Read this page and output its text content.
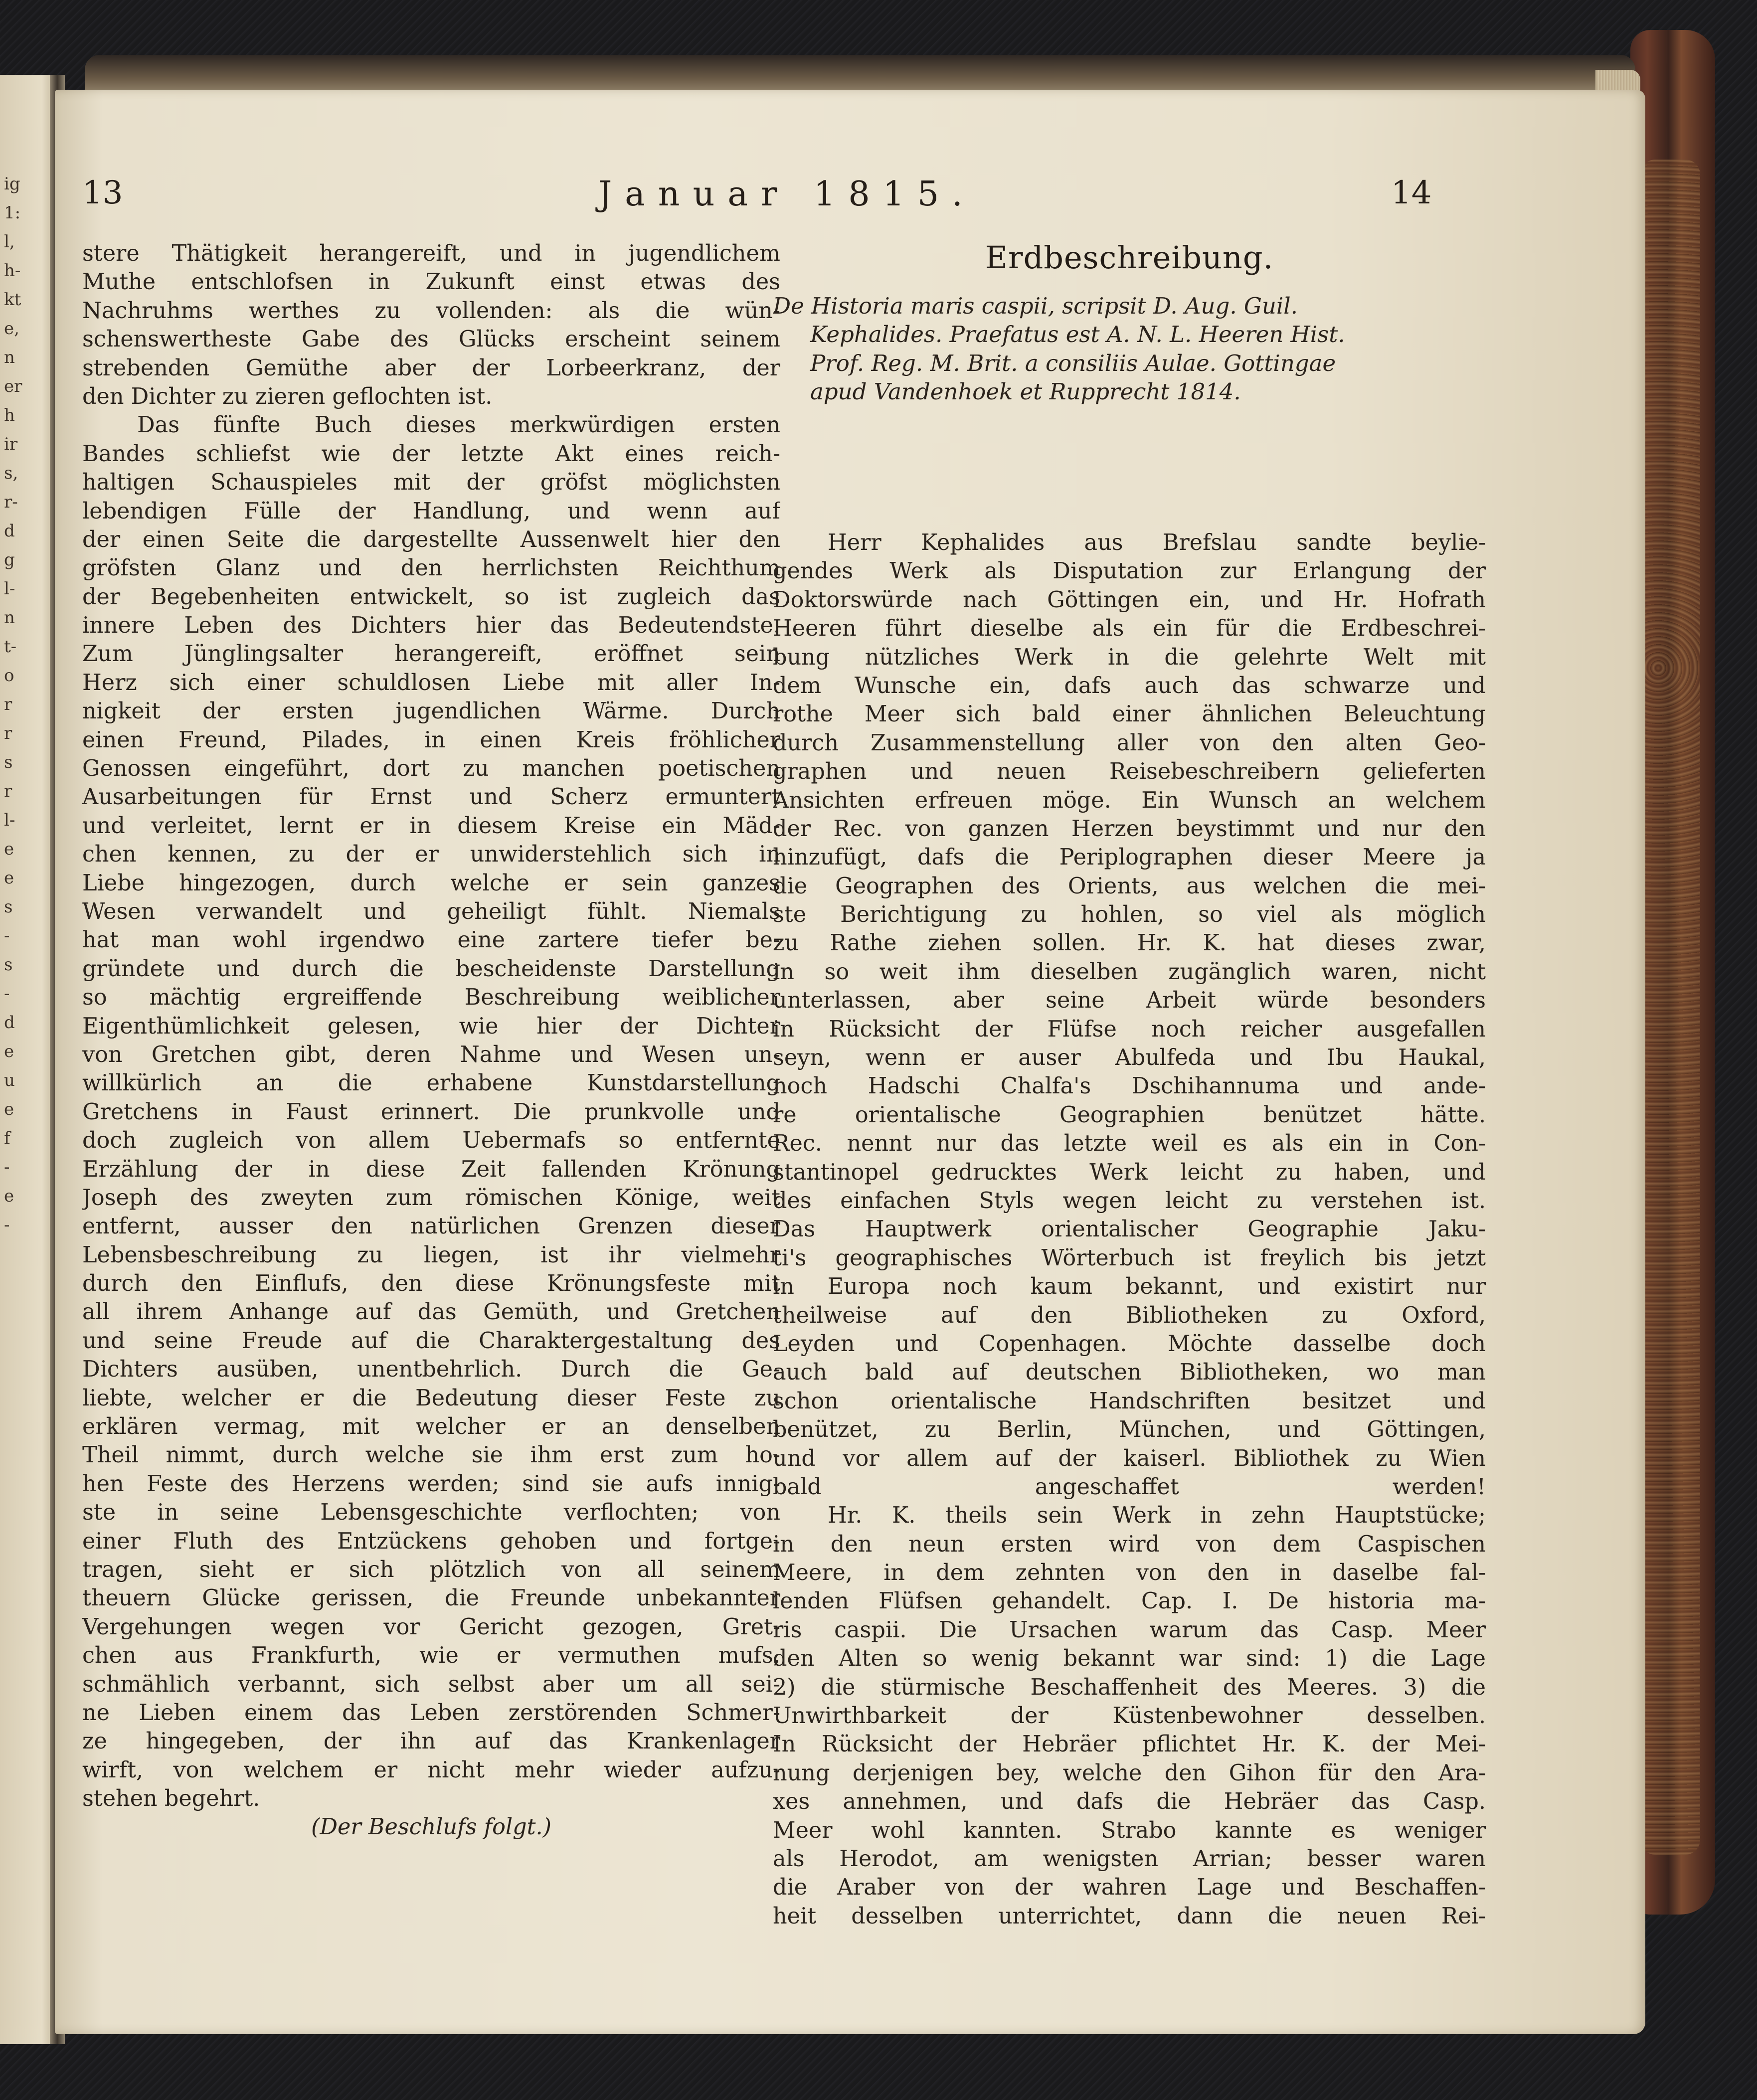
ig
1:
l,
h-
kt
e,
n
er
h
ir
s,
r-
d
g
l-
n
t-
o
r
r
s
r
l-
e
e
s
-
s
-
d
e
u
e
f
-
e
-
13	Januar 1815.	14
stere Thätigkeit herangereift, und in jugendlichem
Muthe entschlofsen in Zukunft einst etwas des
Nachruhms werthes zu vollenden: als die wün-
schenswertheste Gabe des Glücks erscheint seinem
strebenden Gemüthe aber der Lorbeerkranz, der
den Dichter zu zieren geflochten ist.
Das fünfte Buch dieses merkwürdigen ersten
Bandes schliefst wie der letzte Akt eines reich-
haltigen Schauspieles mit der gröfst möglichsten
lebendigen Fülle der Handlung, und wenn auf
der einen Seite die dargestellte Aussenwelt hier den
gröfsten Glanz und den herrlichsten Reichthum
der Begebenheiten entwickelt, so ist zugleich das
innere Leben des Dichters hier das Bedeutendste.
Zum Jünglingsalter herangereift, eröffnet sein
Herz sich einer schuldlosen Liebe mit aller In-
nigkeit der ersten jugendlichen Wärme. Durch
einen Freund, Pilades, in einen Kreis fröhlicher
Genossen eingeführt, dort zu manchen poetischen
Ausarbeitungen für Ernst und Scherz ermuntert
und verleitet, lernt er in diesem Kreise ein Mäd-
chen kennen, zu der er unwiderstehlich sich in
Liebe hingezogen, durch welche er sein ganzes
Wesen verwandelt und geheiligt fühlt. Niemals
hat man wohl irgendwo eine zartere tiefer be-
gründete und durch die bescheidenste Darstellung
so mächtig ergreiffende Beschreibung weiblicher
Eigenthümlichkeit gelesen, wie hier der Dichter
von Gretchen gibt, deren Nahme und Wesen un-
willkürlich an die erhabene Kunstdarstellung
Gretchens in Faust erinnert. Die prunkvolle und
doch zugleich von allem Uebermafs so entfernte
Erzählung der in diese Zeit fallenden Krönung
Joseph des zweyten zum römischen Könige, weit
entfernt, ausser den natürlichen Grenzen dieser
Lebensbeschreibung zu liegen, ist ihr vielmehr
durch den Einflufs, den diese Krönungsfeste mit
all ihrem Anhange auf das Gemüth, und Gretchen
und seine Freude auf die Charaktergestaltung des
Dichters ausüben, unentbehrlich. Durch die Ge-
liebte, welcher er die Bedeutung dieser Feste zu
erklären vermag, mit welcher er an denselben
Theil nimmt, durch welche sie ihm erst zum ho-
hen Feste des Herzens werden; sind sie aufs innig-
ste in seine Lebensgeschichte verflochten; von
einer Fluth des Entzückens gehoben und fortge-
tragen, sieht er sich plötzlich von all seinem
theuern Glücke gerissen, die Freunde unbekannter
Vergehungen wegen vor Gericht gezogen, Gret-
chen aus Frankfurth, wie er vermuthen mufs,
schmählich verbannt, sich selbst aber um all sei-
ne Lieben einem das Leben zerstörenden Schmer-
ze hingegeben, der ihn auf das Krankenlager
wirft, von welchem er nicht mehr wieder aufzu-
stehen begehrt.
(Der Beschlufs folgt.)
Erdbeschreibung.
De Historia maris caspii, scripsit D. Aug. Guil.
Kephalides. Praefatus est A. N. L. Heeren Hist.
Prof. Reg. M. Brit. a consiliis Aulae. Gottingae
apud Vandenhoek et Rupprecht 1814.
Herr Kephalides aus Brefslau sandte beylie-
gendes Werk als Disputation zur Erlangung der
Doktorswürde nach Göttingen ein, und Hr. Hofrath
Heeren führt dieselbe als ein für die Erdbeschrei-
bung nützliches Werk in die gelehrte Welt mit
dem Wunsche ein, dafs auch das schwarze und
rothe Meer sich bald einer ähnlichen Beleuchtung
durch Zusammenstellung aller von den alten Geo-
graphen und neuen Reisebeschreibern gelieferten
Ansichten erfreuen möge. Ein Wunsch an welchem
der Rec. von ganzen Herzen beystimmt und nur den
hinzufügt, dafs die Periplographen dieser Meere ja
die Geographen des Orients, aus welchen die mei-
ste Berichtigung zu hohlen, so viel als möglich
zu Rathe ziehen sollen. Hr. K. hat dieses zwar,
in so weit ihm dieselben zugänglich waren, nicht
unterlassen, aber seine Arbeit würde besonders
in Rücksicht der Flüfse noch reicher ausgefallen
seyn, wenn er auser Abulfeda und Ibu Haukal,
noch Hadschi Chalfa's Dschihannuma und ande-
re orientalische Geographien benützet hätte.
Rec. nennt nur das letzte weil es als ein in Con-
stantinopel gedrucktes Werk leicht zu haben, und
des einfachen Styls wegen leicht zu verstehen ist.
Das Hauptwerk orientalischer Geographie Jaku-
ti's geographisches Wörterbuch ist freylich bis jetzt
in Europa noch kaum bekannt, und existirt nur
theilweise auf den Bibliotheken zu Oxford,
Leyden und Copenhagen. Möchte dasselbe doch
auch bald auf deutschen Bibliotheken, wo man
schon orientalische Handschriften besitzet und
benützet, zu Berlin, München, und Göttingen,
und vor allem auf der kaiserl. Bibliothek zu Wien
bald angeschaffet werden!
Hr. K. theils sein Werk in zehn Hauptstücke;
in den neun ersten wird von dem Caspischen
Meere, in dem zehnten von den in daselbe fal-
lenden Flüfsen gehandelt. Cap. I. De historia ma-
ris caspii. Die Ursachen warum das Casp. Meer
den Alten so wenig bekannt war sind: 1) die Lage
2) die stürmische Beschaffenheit des Meeres. 3) die
Unwirthbarkeit der Küstenbewohner desselben.
In Rücksicht der Hebräer pflichtet Hr. K. der Mei-
nung derjenigen bey, welche den Gihon für den Ara-
xes annehmen, und dafs die Hebräer das Casp.
Meer wohl kannten. Strabo kannte es weniger
als Herodot, am wenigsten Arrian; besser waren
die Araber von der wahren Lage und Beschaffen-
heit desselben unterrichtet, dann die neuen Rei-
